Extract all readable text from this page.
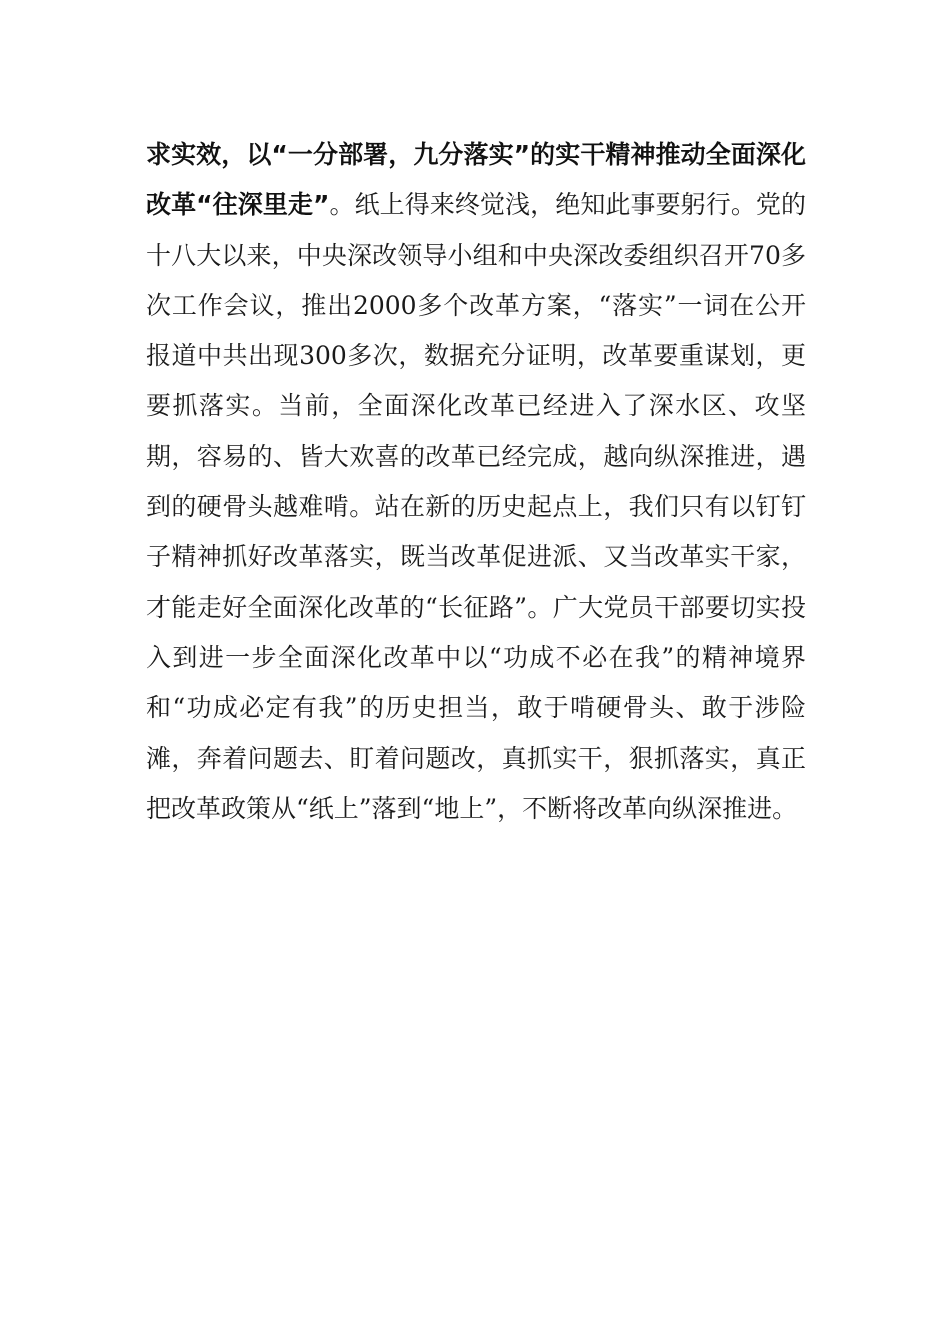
求实效，以“一分部署，九分落实”的实干精神推动全面深化改革“往深里走”。纸上得来终觉浅，绝知此事要躬行。党的十八大以来，中央深改领导小组和中央深改委组织召开70多次工作会议，推出2000多个改革方案，“落实”一词在公开报道中共出现300多次，数据充分证明，改革要重谋划，更要抓落实。当前，全面深化改革已经进入了深水区、攻坚期，容易的、皆大欢喜的改革已经完成，越向纵深推进，遇到的硬骨头越难啃。站在新的历史起点上，我们只有以钉钉子精神抓好改革落实，既当改革促进派、又当改革实干家，才能走好全面深化改革的“长征路”。广大党员干部要切实投入到进一步全面深化改革中以“功成不必在我”的精神境界和“功成必定有我”的历史担当，敢于啃硬骨头、敢于涉险滩，奔着问题去、盯着问题改，真抓实干，狠抓落实，真正把改革政策从“纸上”落到“地上”，不断将改革向纵深推进。
